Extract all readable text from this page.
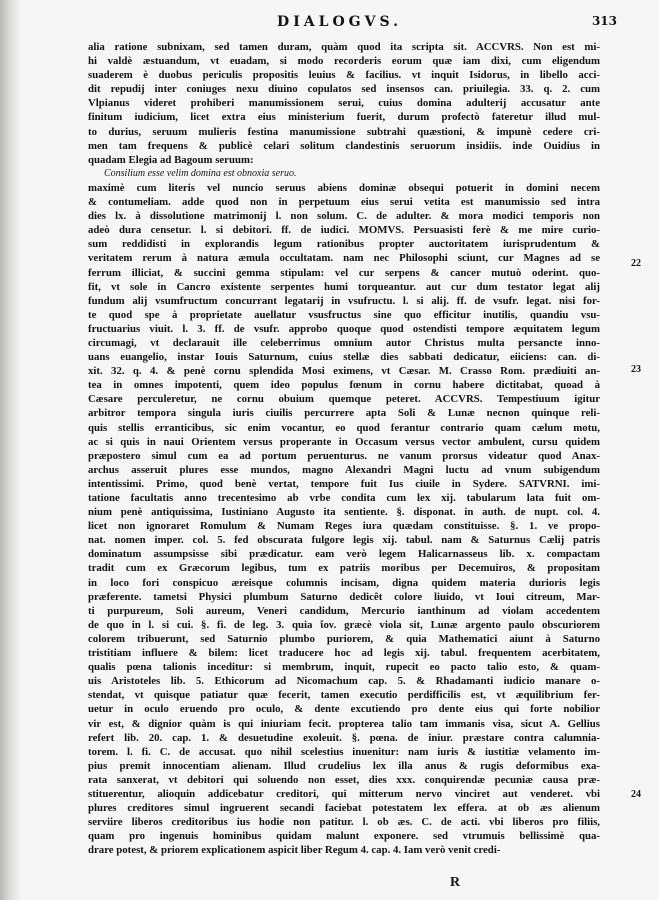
DIALOGVS.	313
alia ratione subnixam, sed tamen duram, quàm quod ita scripta sit. ACCVRS. Non est mi-
hi valdè æstuandum, vt euadam, si modo recorderis eorum quæ iam dixi, cum eligendum
suaderem è duobus periculis propositis leuius & facilius. vt inquit Isidorus, in libello acci-
dit repudij inter coniuges nexu diuino copulatos sed insensos can. priuilegia. 33. q. 2. cum
Vlpianus videret prohiberi manumissionem serui, cuius domina adulterij accusatur ante
finitum iudicium, licet extra eius ministerium fuerit, durum profectò fateretur illud mul-
to durius, seruum mulieris festina manumissione subtrahi quæstioni, & impunè cedere cri-
men tam frequens & publicè celari solitum clandestinis seruorum insidiis. inde Ouidius in
quadam Elegia ad Bagoum seruum:
Consilium esse velim domina est obnoxia seruo.
maximè cum literis vel nuncio seruus abiens dominæ obsequi potuerit in domini necem
& contumeliam. adde quod non in perpetuum eius serui vetita est manumissio sed intra
dies lx. à dissolutione matrimonij l. non solum. C. de adulter. & mora modici temporis non
adeò dura censetur. l. si debitori. ff. de iudici. MOMVS. Persuasisti ferè & me mire curio-
sum reddidisti in explorandis legum rationibus propter auctoritatem iurisprudentum &
veritatem rerum à natura æmula occultatam. nam nec Philosophi sciunt, cur Magnes ad se
ferrum illiciat, & succini gemma stipulam: vel cur serpens & cancer mutuò oderint. quo-
fit, vt sole in Cancro existente serpentes humi torqueantur. aut cur dum testator legat alij
fundum alij vsumfructum concurrant legatarij in vsufructu. l. si alij. ff. de vsufr. legat. nisi for-
te quod spe à proprietate auellatur vsusfructus sine quo efficitur inutilis, quandiu vsu-
fructuarius viuit. l. 3. ff. de vsufr. approbo quoque quod ostendisti tempore æquitatem legum
circumagi, vt declarauit ille celeberrimus omnium autor Christus multa persancte inno-
uans euangelio, instar Iouis Saturnum, cuius stellæ dies sabbati dedicatur, eiiciens: can. di-
xit. 32. q. 4. & penè cornu splendida Mosi eximens, vt Cæsar. M. Crasso Rom. prædiuiti an-
tea in omnes impotenti, quem ideo populus fœnum in cornu habere dictitabat, quoad à
Cæsare perculeretur, ne cornu obuium quemque peteret. ACCVRS. Tempestiuum igitur
arbitror tempora singula iuris ciuilis percurrere apta Soli & Lunæ necnon quinque reli-
quis stellis erranticibus, sic enim vocantur, eo quod ferantur contrario quam cælum motu,
ac si quis in naui Orientem versus properante in Occasum versus vector ambulent, cursu quidem
præpostero simul cum ea ad portum peruenturus. ne vanum prorsus videatur quod Anax-
archus asseruit plures esse mundos, magno Alexandri Magni luctu ad vnum subigendum
intentissimi. Primo, quod benè vertat, tempore fuit Ius ciuile in Sydere. SATVRNI. imi-
tatione facultatis anno trecentesimo ab vrbe condita cum lex xij. tabularum lata fuit om-
nium penè antiquissima, Iustiniano Augusto ita sentiente. §. disponat. in auth. de nupt. col. 4.
licet non ignoraret Romulum & Numam Reges iura quædam constituisse. §. 1. ve propo-
nat. nomen imper. col. 5. fed obscurata fulgore legis xij. tabul. nam & Saturnus Cælij patris
dominatum assumpsisse sibi prædicatur. eam verò legem Halicarnasseus lib. x. compactam
tradit cum ex Græcorum legibus, tum ex patriis moribus per Decemuiros, & propositam
in loco fori conspicuo æreisque columnis incisam, digna quidem materia durioris legis
præferente. tametsi Physici plumbum Saturno dedicêt colore liuido, vt Ioui citreum, Mar-
ti purpureum, Soli aureum, Veneri candidum, Mercurio ianthinum ad violam accedentem
de quo in l. si cui. §. fi. de leg. 3. quia ἴον. græcè viola sit, Lunæ argento paulo obscuriorem
colorem tribuerunt, sed Saturnio plumbo puriorem, & quia Mathematici aiunt à Saturno
tristitiam influere & bilem: licet traducere hoc ad legis xij. tabul. frequentem acerbitatem,
qualis pœna talionis inceditur: si membrum, inquit, rupecit eo pacto talio esto, & quam-
uis Aristoteles lib. 5. Ethicorum ad Nicomachum cap. 5. & Rhadamanti iudicio manare o-
stendat, vt quisque patiatur quæ fecerit, tamen executio perdifficilis est, vt æquilibrium fer-
uetur in oculo eruendo pro oculo, & dente excutiendo pro dente eius qui forte nobilior
vir est, & dignior quàm is qui iniuriam fecit. propterea talio tam immanis visa, sicut A. Gellius
refert lib. 20. cap. 1. & desuetudine exoleuit. §. pœna. de iniur. præstare contra calumnia-
torem. l. fi. C. de accusat. quo nihil scelestius inuenitur: nam iuris & iustitiæ velamento im-
pius premit innocentiam alienam. Illud crudelius lex illa anus & rugis deformibus exa-
rata sanxerat, vt debitori qui soluendo non esset, dies xxx. conquirendæ pecuniæ causa præ-
stituerentur, alioquin addicebatur creditori, qui mitterum nervo vinciret aut venderet. vbi
plures creditores simul ingruerent secandi faciebat potestatem lex effera. at ob æs alienum
serviire liberos creditoribus ius hodie non patitur. l. ob æs. C. de acti. vbi liberos pro filiis,
quam pro ingenuis hominibus quidam malunt exponere. sed vtrumuis bellissimè qua-
drare potest, & priorem explicationem aspicit liber Regum 4. cap. 4. Iam verò venit credi-
22
23
24
R
